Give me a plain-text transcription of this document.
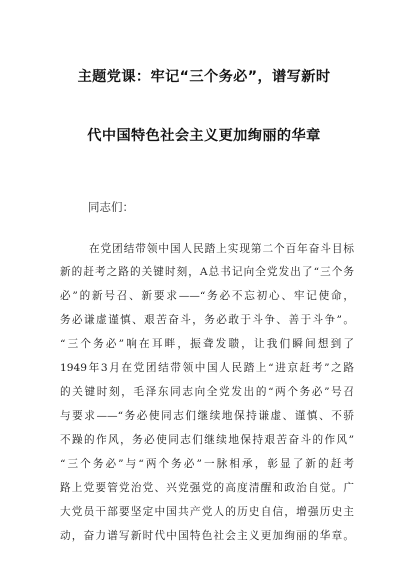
主题党课：牢记“三个务必”，谱写新时
代中国特色社会主义更加绚丽的华章
同志们：
在党团结带领中国人民踏上实现第二个百年奋斗目标
新的赶考之路的关键时刻，A总书记向全党发出了“三个务
必”的新号召、新要求——“务必不忘初心、牢记使命，
务必谦虚谨慎、艰苦奋斗，务必敢于斗争、善于斗争”。
“三个务必”响在耳畔，振聋发聩，让我们瞬间想到了
1949年3月在党团结带领中国人民踏上“进京赶考”之路
的关键时刻，毛泽东同志向全党发出的“两个务必”号召
与要求——“务必使同志们继续地保持谦虚、谨慎、不骄
不躁的作风，务必使同志们继续地保持艰苦奋斗的作风”
“三个务必”与“两个务必”一脉相承，彰显了新的赶考
路上党要管党治党、兴党强党的高度清醒和政治自觉。广
大党员干部要坚定中国共产党人的历史自信，增强历史主
动，奋力谱写新时代中国特色社会主义更加绚丽的华章。
